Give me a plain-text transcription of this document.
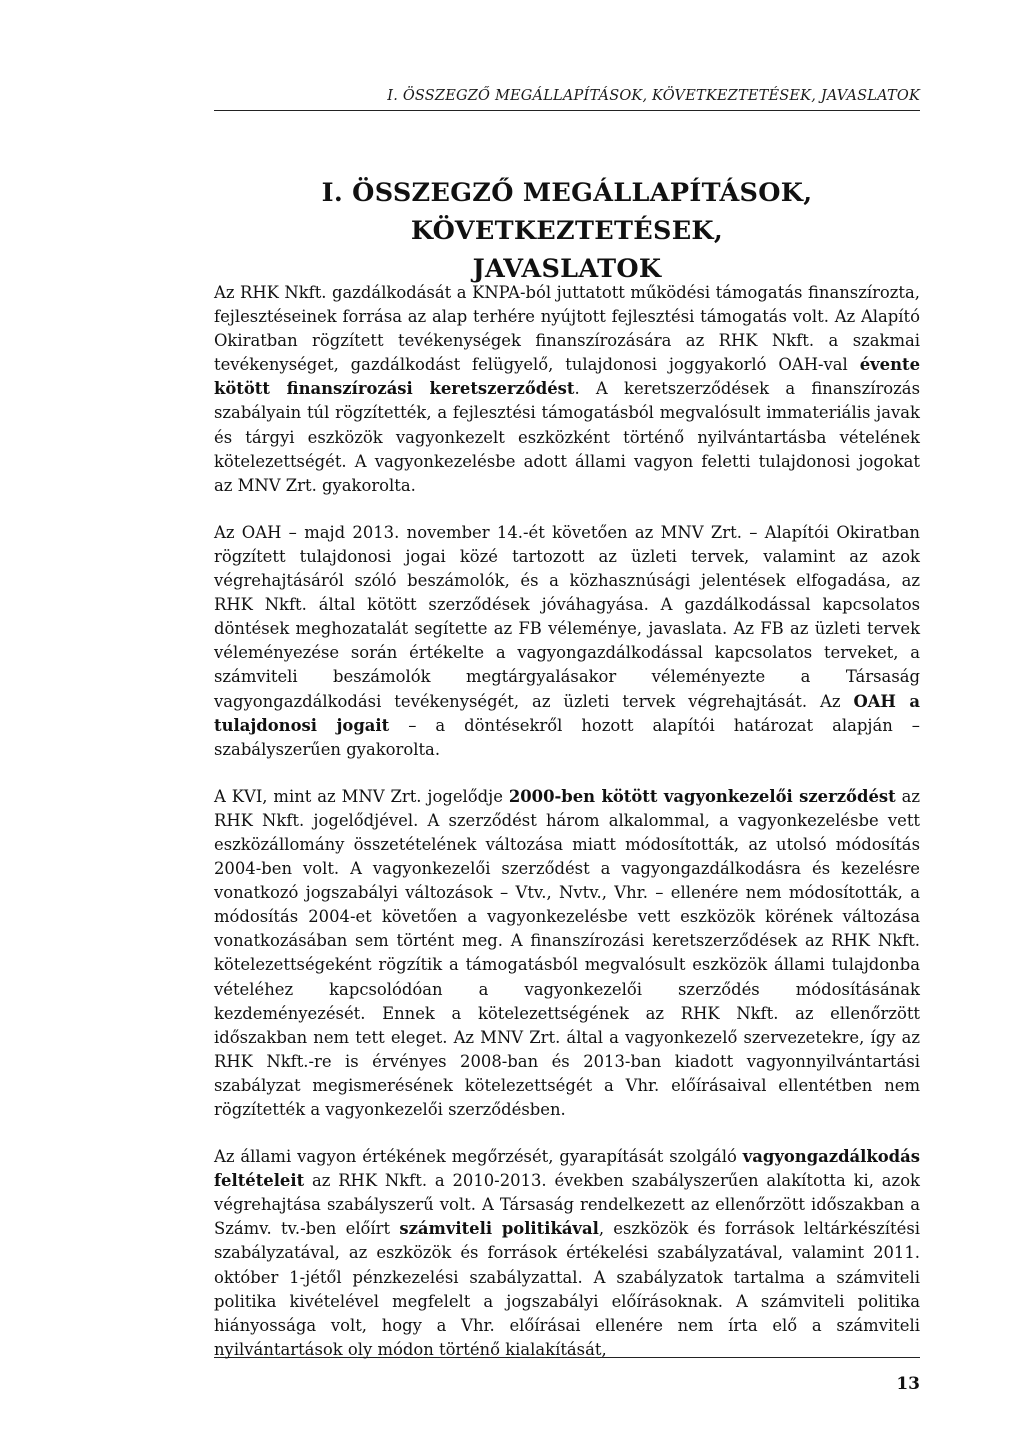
I. ÖSSZEGZŐ MEGÁLLAPÍTÁSOK, KÖVETKEZTETÉSEK, JAVASLATOK
I. ÖSSZEGZŐ MEGÁLLAPÍTÁSOK, KÖVETKEZTETÉSEK,
JAVASLATOK

Az RHK Nkft. gazdálkodását a KNPA-ból juttatott működési támogatás finanszírozta, fejlesztéseinek forrása az alap terhére nyújtott fejlesztési támogatás volt. Az Alapító Okiratban rögzített tevékenységek finanszírozására az RHK Nkft. a szakmai tevékenységet, gazdálkodást felügyelő, tulajdonosi joggyakorló OAH-val évente kötött finanszírozási keretszerződést. A keretszerződések a finanszírozás szabályain túl rögzítették, a fejlesztési támogatásból megvalósult immateriális javak és tárgyi eszközök vagyonkezelt eszközként történő nyilvántartásba vételének kötelezettségét. A vagyonkezelésbe adott állami vagyon feletti tulajdonosi jogokat az MNV Zrt. gyakorolta.

Az OAH – majd 2013. november 14.-ét követően az MNV Zrt. – Alapítói Okiratban rögzített tulajdonosi jogai közé tartozott az üzleti tervek, valamint az azok végrehajtásáról szóló beszámolók, és a közhasznúsági jelentések elfogadása, az RHK Nkft. által kötött szerződések jóváhagyása. A gazdálkodással kapcsolatos döntések meghozatalát segítette az FB véleménye, javaslata. Az FB az üzleti tervek véleményezése során értékelte a vagyongazdálkodással kapcsolatos terveket, a számviteli beszámolók megtárgyalásakor véleményezte a Társaság vagyongazdálkodási tevékenységét, az üzleti tervek végrehajtását. Az OAH a tulajdonosi jogait – a döntésekről hozott alapítói határozat alapján – szabályszerűen gyakorolta.

A KVI, mint az MNV Zrt. jogelődje 2000-ben kötött vagyonkezelői szerződést az RHK Nkft. jogelődjével. A szerződést három alkalommal, a vagyonkezelésbe vett eszközállomány összetételének változása miatt módosították, az utolsó módosítás 2004-ben volt. A vagyonkezelői szerződést a vagyongazdálkodásra és kezelésre vonatkozó jogszabályi változások – Vtv., Nvtv., Vhr. – ellenére nem módosították, a módosítás 2004-et követően a vagyonkezelésbe vett eszközök körének változása vonatkozásában sem történt meg. A finanszírozási keretszerződések az RHK Nkft. kötelezettségeként rögzítik a támogatásból megvalósult eszközök állami tulajdonba vételéhez kapcsolódóan a vagyonkezelői szerződés módosításának kezdeményezését. Ennek a kötelezettségének az RHK Nkft. az ellenőrzött időszakban nem tett eleget. Az MNV Zrt. által a vagyonkezelő szervezetekre, így az RHK Nkft.-re is érvényes 2008-ban és 2013-ban kiadott vagyonnyilvántartási szabályzat megismerésének kötelezettségét a Vhr. előírásaival ellentétben nem rögzítették a vagyonkezelői szerződésben.

Az állami vagyon értékének megőrzését, gyarapítását szolgáló vagyongazdálkodás feltételeit az RHK Nkft. a 2010-2013. években szabályszerűen alakította ki, azok végrehajtása szabályszerű volt. A Társaság rendelkezett az ellenőrzött időszakban a Számv. tv.-ben előírt számviteli politikával, eszközök és források leltárkészítési szabályzatával, az eszközök és források értékelési szabályzatával, valamint 2011. október 1-jétől pénzkezelési szabályzattal. A szabályzatok tartalma a számviteli politika kivételével megfelelt a jogszabályi előírásoknak. A számviteli politika hiányossága volt, hogy a Vhr. előírásai ellenére nem írta elő a számviteli nyilvántartások oly módon történő kialakítását,

13
